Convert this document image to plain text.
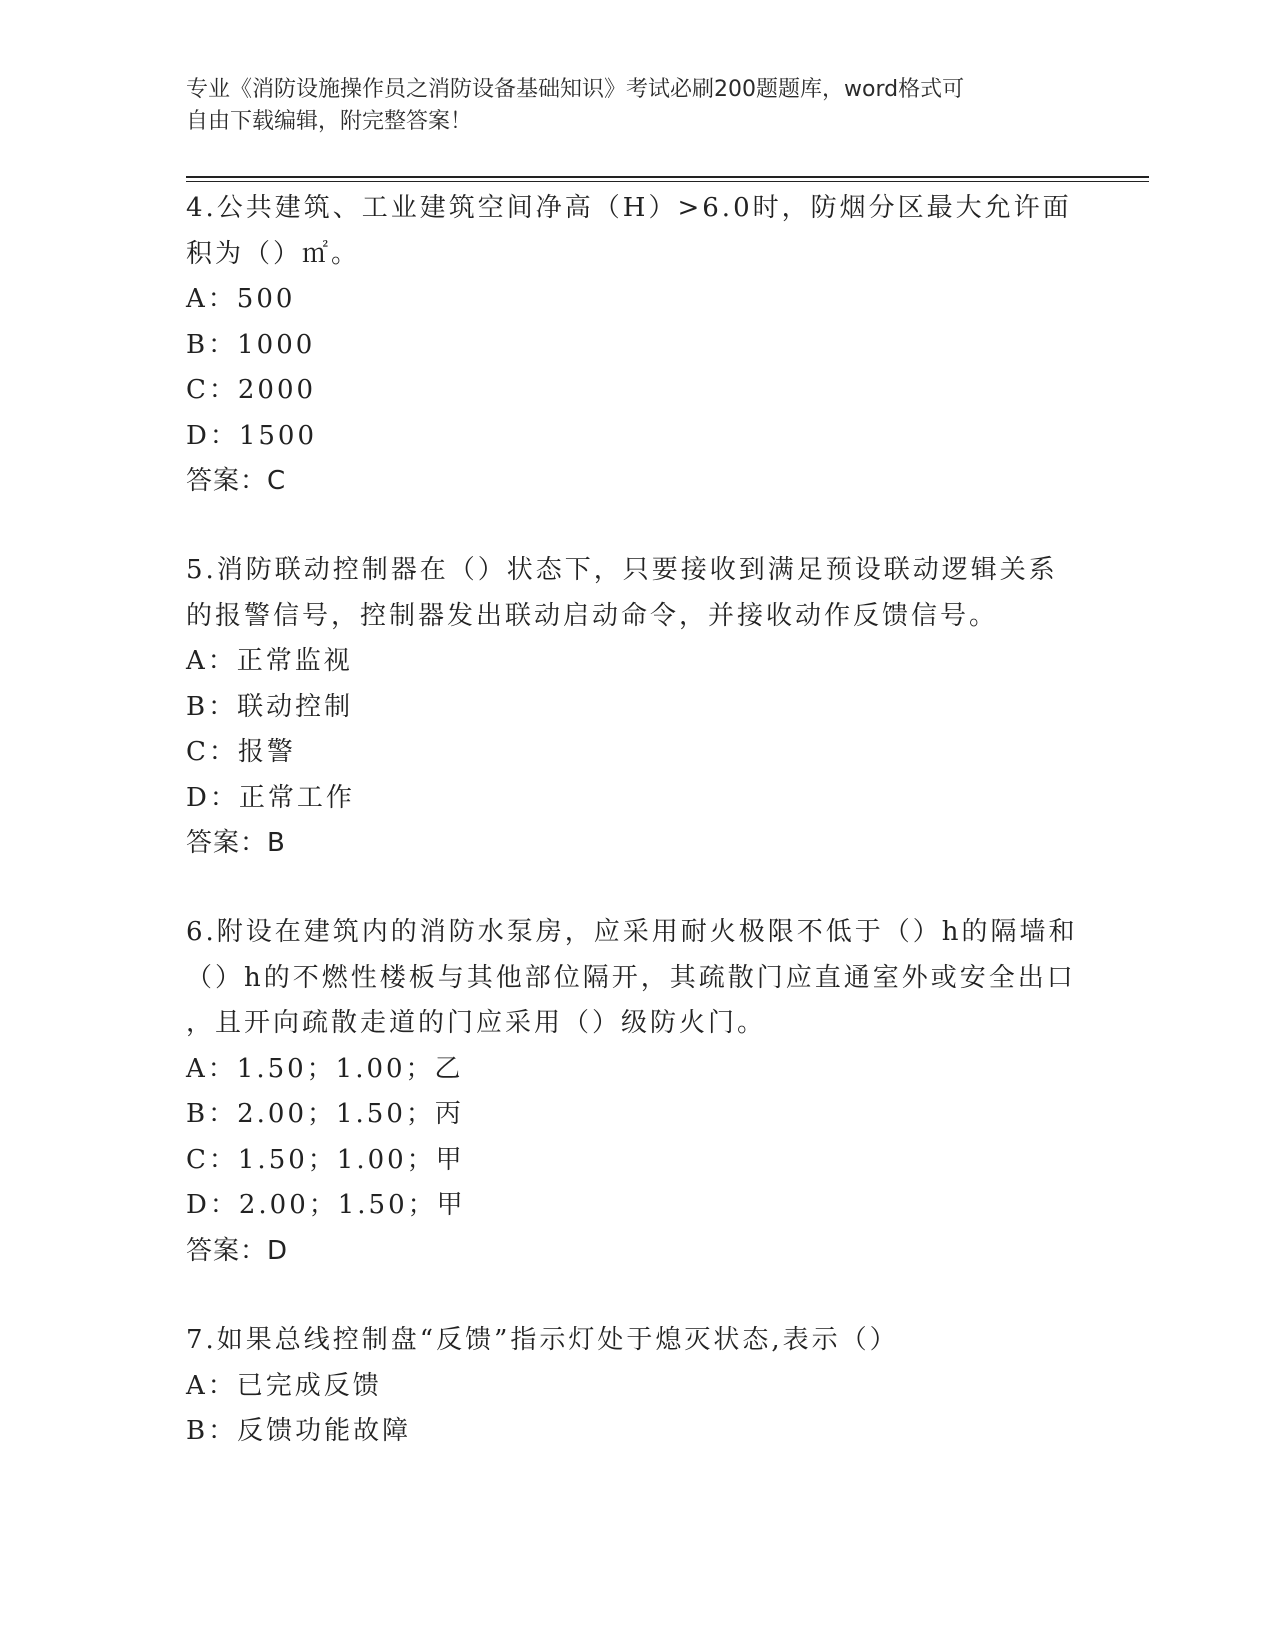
专业《消防设施操作员之消防设备基础知识》考试必刷200题题库，word格式可
自由下载编辑，附完整答案！

4.公共建筑、工业建筑空间净高（H）>6.0时，防烟分区最大允许面

积为（）㎡。

A：500

B：1000

C：2000

D：1500

答案：C

5.消防联动控制器在（）状态下，只要接收到满足预设联动逻辑关系

的报警信号，控制器发出联动启动命令，并接收动作反馈信号。

A：正常监视

B：联动控制

C：报警

D：正常工作

答案：B

6.附设在建筑内的消防水泵房，应采用耐火极限不低于（）h的隔墙和

（）h的不燃性楼板与其他部位隔开，其疏散门应直通室外或安全出口

，且开向疏散走道的门应采用（）级防火门。

A：1.50；1.00；乙

B：2.00；1.50；丙

C：1.50；1.00；甲

D：2.00；1.50；甲

答案：D

7.如果总线控制盘“反馈”指示灯处于熄灭状态,表示（）

A：已完成反馈

B：反馈功能故障
